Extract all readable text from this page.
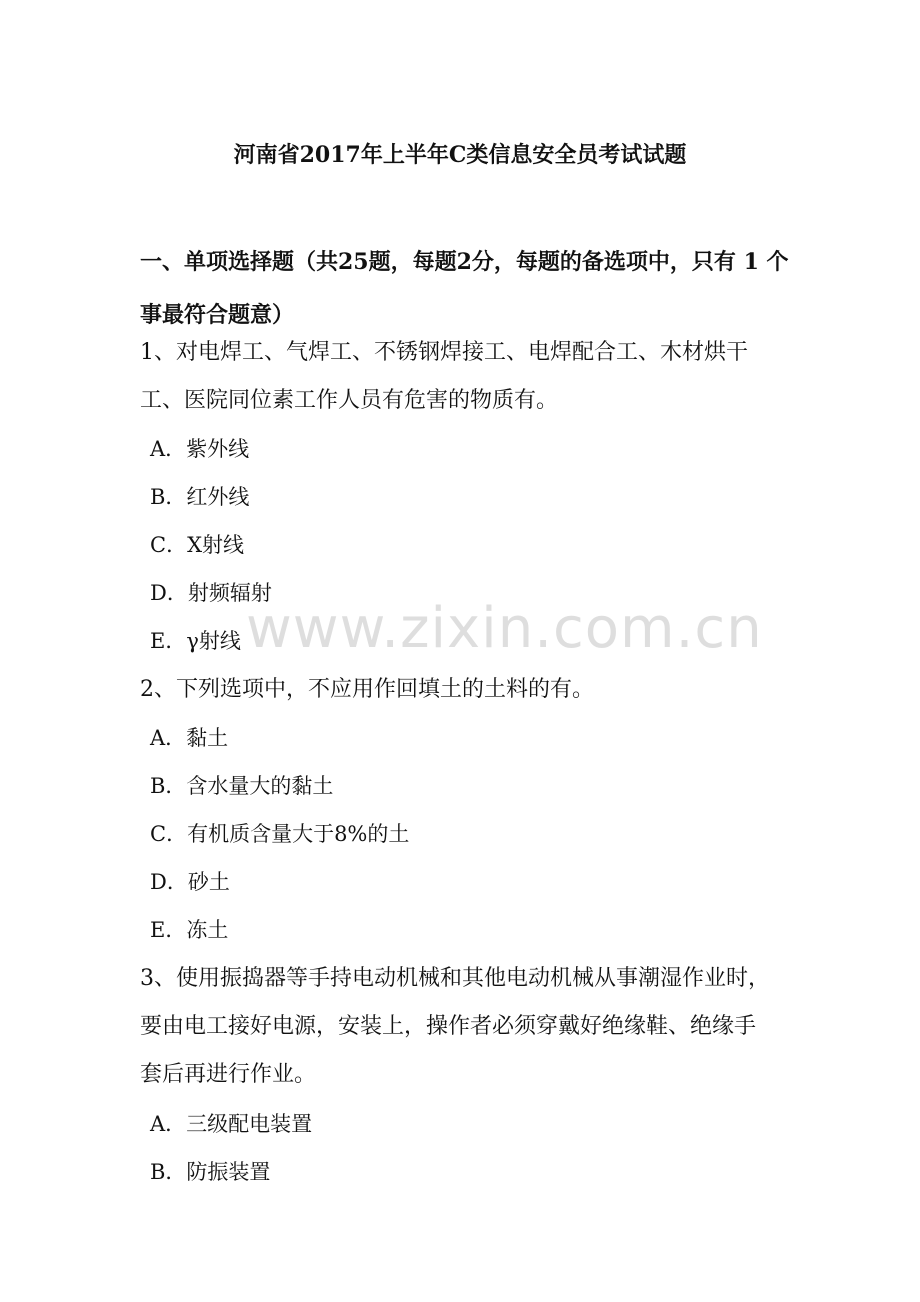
河南省2017年上半年C类信息安全员考试试题
一、单项选择题（共25题，每题2分，每题的备选项中，只有 1 个事最符合题意）
1、对电焊工、气焊工、不锈钢焊接工、电焊配合工、木材烘干
工、医院同位素工作人员有危害的物质有。
A．紫外线
B．红外线
C．X射线
D．射频辐射
E．γ射线
2、下列选项中，不应用作回填土的土料的有。
A．黏土
B．含水量大的黏土
C．有机质含量大于8%的土
D．砂土
E．冻土
3、使用振捣器等手持电动机械和其他电动机械从事潮湿作业时，
要由电工接好电源，安装上，操作者必须穿戴好绝缘鞋、绝缘手
套后再进行作业。
A．三级配电装置
B．防振装置
www.zixin.com.cn
